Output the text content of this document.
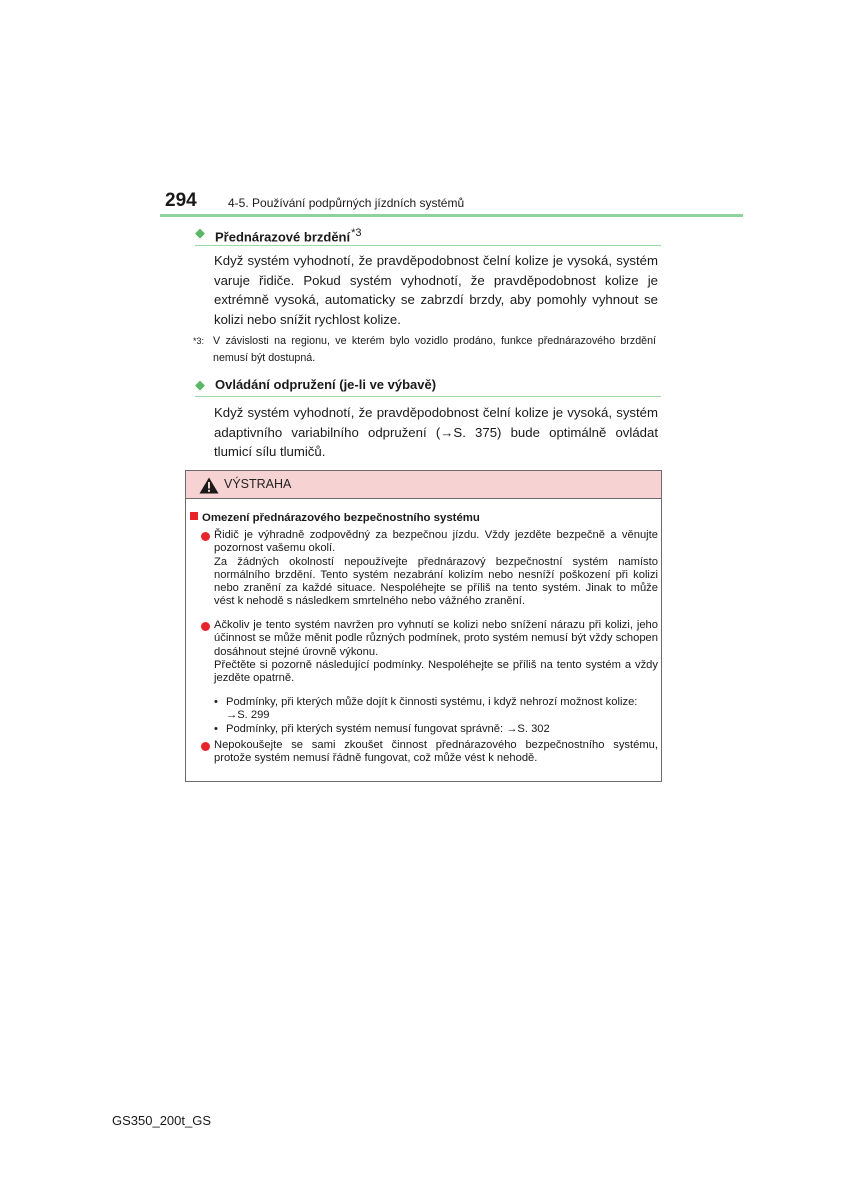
294	4-5. Používání podpůrných jízdních systémů
◆ Přednárazové brzdění$^{*3}$
Když systém vyhodnotí, že pravděpodobnost čelní kolize je vysoká, systém varuje řidiče. Pokud systém vyhodnotí, že pravděpodobnost kolize je extrémně vysoká, automaticky se zabrzdí brzdy, aby pomohly vyhnout se kolizi nebo snížit rychlost kolize.
$^{*3:}$ V závislosti na regionu, ve kterém bylo vozidlo prodáno, funkce přednárazového brzdění nemusí být dostupná.
◆ Ovládání odpružení (je-li ve výbavě)
Když systém vyhodnotí, že pravděpodobnost čelní kolize je vysoká, systém adaptivního variabilního odpružení (→S. 375) bude optimálně ovládat tlumicí sílu tlumičů.
VÝSTRAHA
Omezení přednárazového bezpečnostního systému
Řidič je výhradně zodpovědný za bezpečnou jízdu. Vždy jezděte bezpečně a věnujte pozornost vašemu okolí.
Za žádných okolností nepoužívejte přednárazový bezpečnostní systém namísto normálního brzdění. Tento systém nezabrání kolizím nebo nesníží poškození při kolizi nebo zranění za každé situace. Nespoléhejte se příliš na tento systém. Jinak to může vést k nehodě s následkem smrtelného nebo vážného zranění.
Ačkoliv je tento systém navržen pro vyhnutí se kolizi nebo snížení nárazu při kolizi, jeho účinnost se může měnit podle různých podmínek, proto systém nemusí být vždy schopen dosáhnout stejné úrovně výkonu.
Přečtěte si pozorně následující podmínky. Nespoléhejte se příliš na tento systém a vždy jezděte opatrně.
• Podmínky, při kterých může dojít k činnosti systému, i když nehrozí možnost kolize: →S. 299
• Podmínky, při kterých systém nemusí fungovat správně: →S. 302
Nepokoušejte se sami zkoušet činnost přednárazového bezpečnostního systému, protože systém nemusí řádně fungovat, což může vést k nehodě.
GS350_200t_GS
